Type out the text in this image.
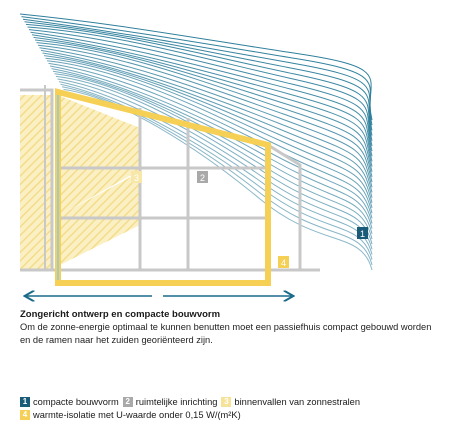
3	2
4
1
Zongericht ontwerp en compacte bouwvorm

Om de zonne-energie optimaal te kunnen benutten moet een passiefhuis compact gebouwd worden en de ramen naar het zuiden georiënteerd zijn.

1 compacte bouwvorm 2 ruimtelijke inrichting 3 binnenvallen van zonnestralen
4 warmte-isolatie met U-waarde onder 0,15 W/(m²K)
